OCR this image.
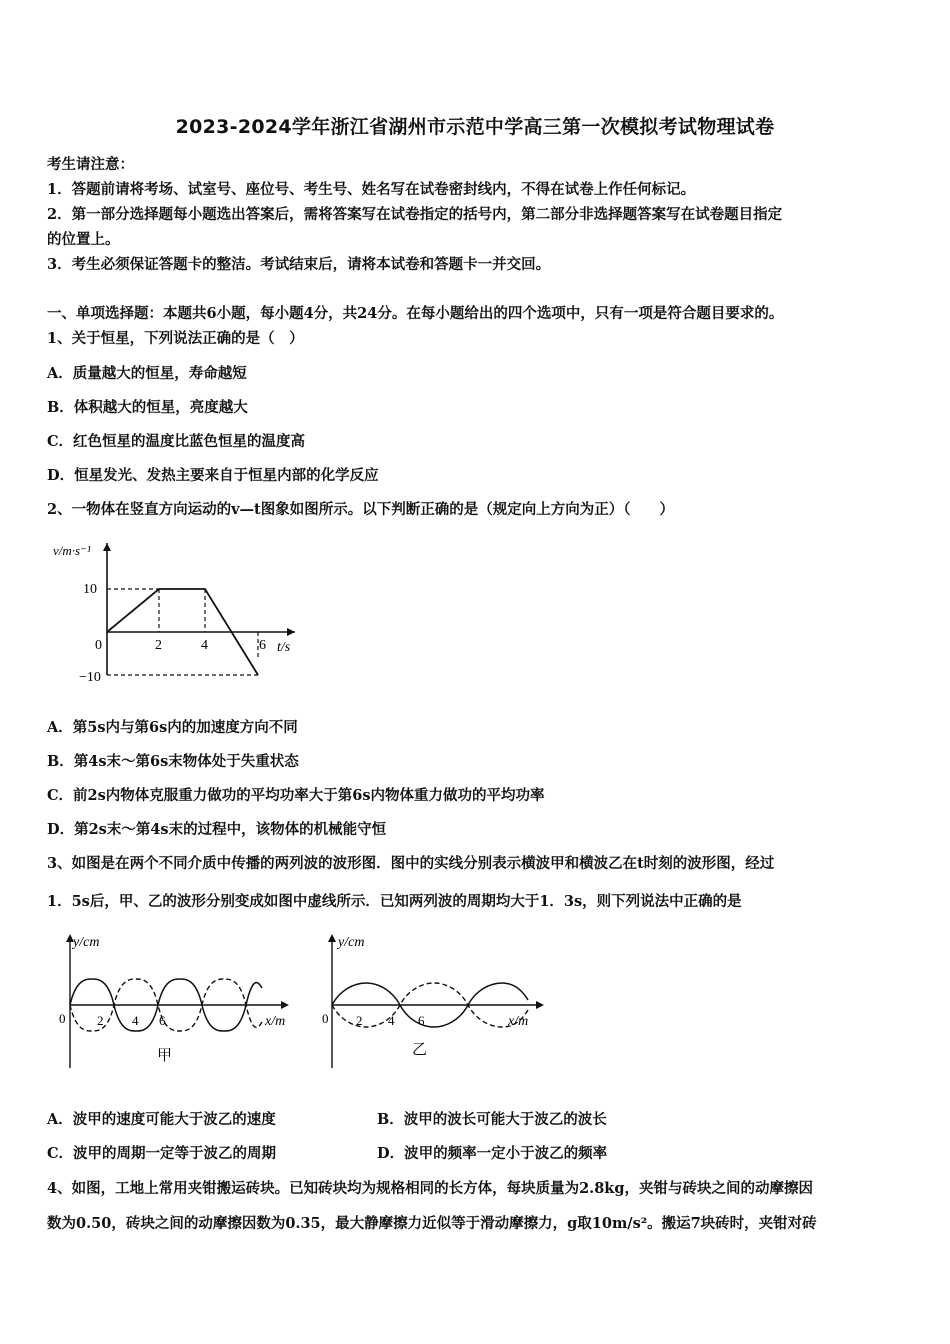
2023-2024学年浙江省湖州市示范中学高三第一次模拟考试物理试卷
考生请注意：
1．答题前请将考场、试室号、座位号、考生号、姓名写在试卷密封线内，不得在试卷上作任何标记。
2．第一部分选择题每小题选出答案后，需将答案写在试卷指定的括号内，第二部分非选择题答案写在试卷题目指定
的位置上。
3．考生必须保证答题卡的整洁。考试结束后，请将本试卷和答题卡一并交回。
一、单项选择题：本题共6小题，每小题4分，共24分。在每小题给出的四个选项中，只有一项是符合题目要求的。
1、关于恒星，下列说法正确的是（　）
A．质量越大的恒星，寿命越短
B．体积越大的恒星，亮度越大
C．红色恒星的温度比蓝色恒星的温度高
D．恒星发光、发热主要来自于恒星内部的化学反应
2、一物体在竖直方向运动的v—t图象如图所示。以下判断正确的是（规定向上方向为正）（　　）
v/m·s⁻¹
10
−10
0	2	4	6 t/s
A．第5s内与第6s内的加速度方向不同
B．第4s末～第6s末物体处于失重状态
C．前2s内物体克服重力做功的平均功率大于第6s内物体重力做功的平均功率
D．第2s末～第4s末的过程中，该物体的机械能守恒
3、如图是在两个不同介质中传播的两列波的波形图．图中的实线分别表示横波甲和横波乙在t时刻的波形图，经过
1．5s后，甲、乙的波形分别变成如图中虚线所示．已知两列波的周期均大于1．3s，则下列说法中正确的是
y/cm
0 2 4 6	x/m
甲
y/cm
0 2 4 6	x/m
乙
A．波甲的速度可能大于波乙的速度	B．波甲的波长可能大于波乙的波长
C．波甲的周期一定等于波乙的周期	D．波甲的频率一定小于波乙的频率
4、如图，工地上常用夹钳搬运砖块。已知砖块均为规格相同的长方体，每块质量为2.8kg，夹钳与砖块之间的动摩擦因
数为0.50，砖块之间的动摩擦因数为0.35，最大静摩擦力近似等于滑动摩擦力，g取10m/s²。搬运7块砖时，夹钳对砖
